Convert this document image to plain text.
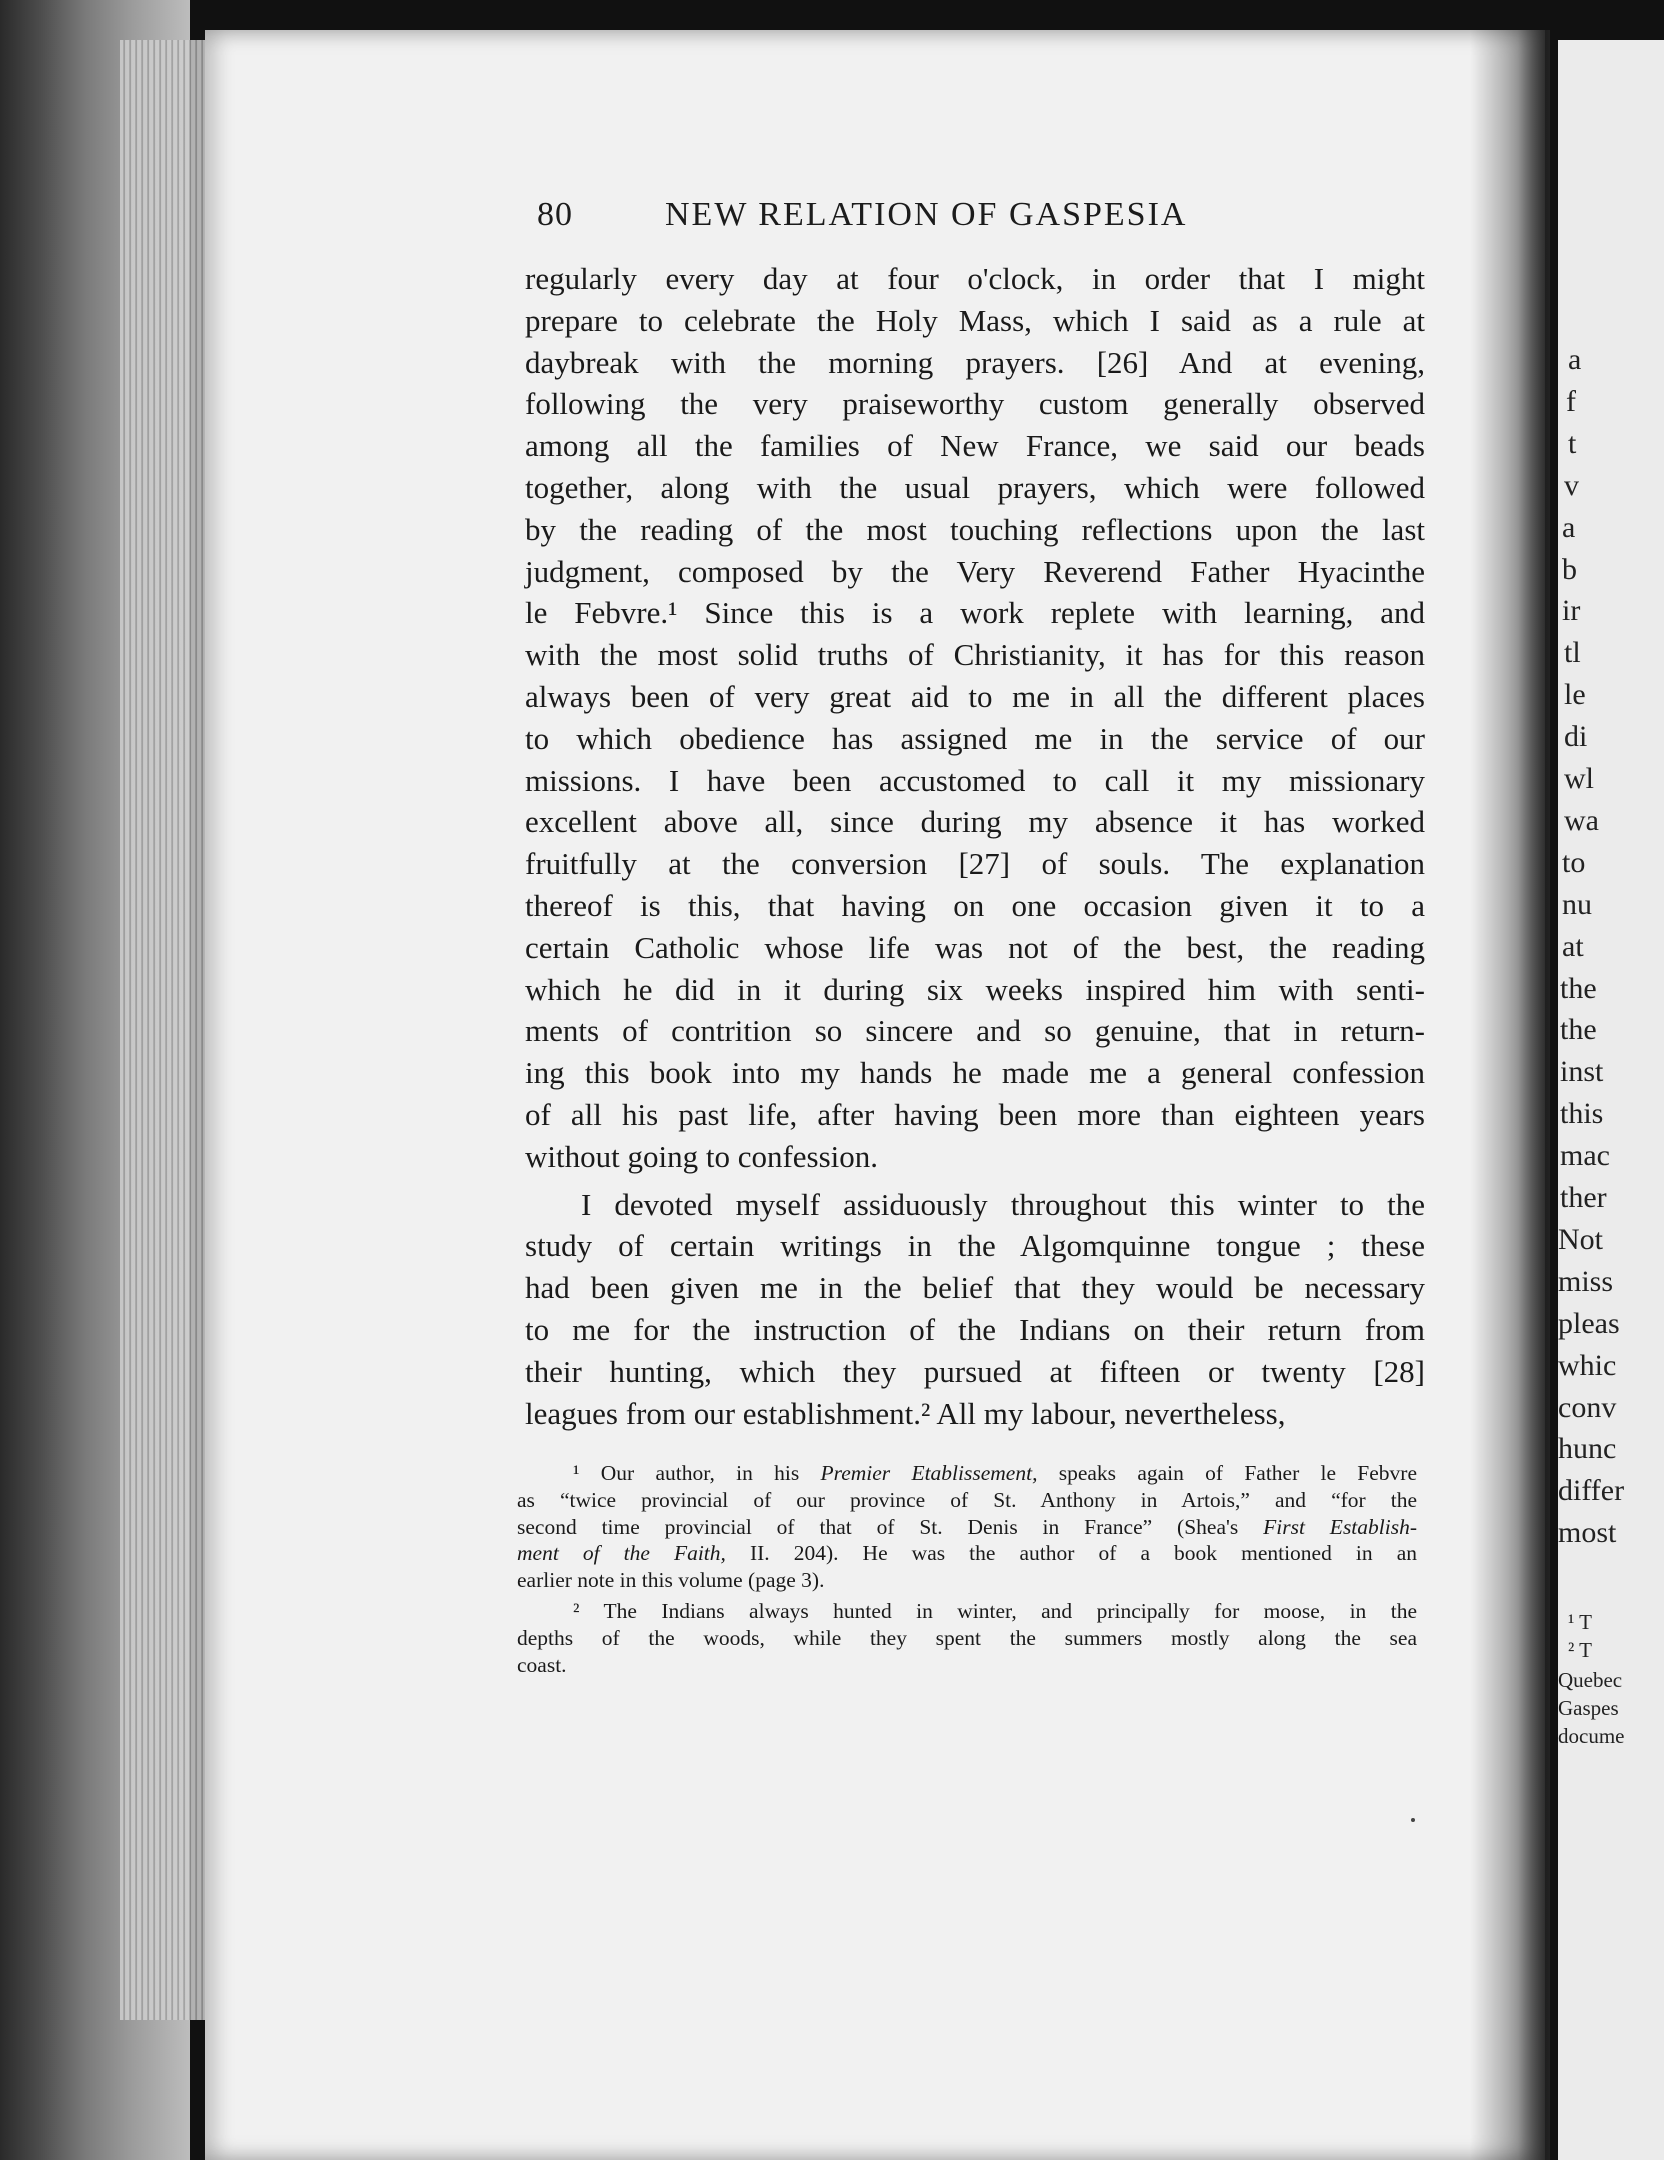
a
f
t
v
a
b
ir
tl
le
di
wl
wa
to
nu
at
the
the
inst
this
mac
ther
Not
miss
pleas
whic
conv
hunc
differ
most
¹ T
² T
Quebec
Gaspes
docume
80	NEW RELATION OF GASPESIA
regularly every day at four o'clock, in order that I might
prepare to celebrate the Holy Mass, which I said as a rule at
daybreak with the morning prayers. [26] And at evening,
following the very praiseworthy custom generally observed
among all the families of New France, we said our beads
together, along with the usual prayers, which were followed
by the reading of the most touching reflections upon the last
judgment, composed by the Very Reverend Father Hyacinthe
le Febvre.¹ Since this is a work replete with learning, and
with the most solid truths of Christianity, it has for this reason
always been of very great aid to me in all the different places
to which obedience has assigned me in the service of our
missions. I have been accustomed to call it my missionary
excellent above all, since during my absence it has worked
fruitfully at the conversion [27] of souls. The explanation
thereof is this, that having on one occasion given it to a
certain Catholic whose life was not of the best, the reading
which he did in it during six weeks inspired him with senti-
ments of contrition so sincere and so genuine, that in return-
ing this book into my hands he made me a general confession
of all his past life, after having been more than eighteen years
without going to confession.
I devoted myself assiduously throughout this winter to the
study of certain writings in the Algomquinne tongue ; these
had been given me in the belief that they would be necessary
to me for the instruction of the Indians on their return from
their hunting, which they pursued at fifteen or twenty [28]
leagues from our establishment.² All my labour, nevertheless,
¹ Our author, in his Premier Etablissement, speaks again of Father le Febvre
as “twice provincial of our province of St. Anthony in Artois,” and “for the
second time provincial of that of St. Denis in France” (Shea's First Establish-
ment of the Faith, II. 204). He was the author of a book mentioned in an
earlier note in this volume (page 3).
² The Indians always hunted in winter, and principally for moose, in the
depths of the woods, while they spent the summers mostly along the sea
coast.
